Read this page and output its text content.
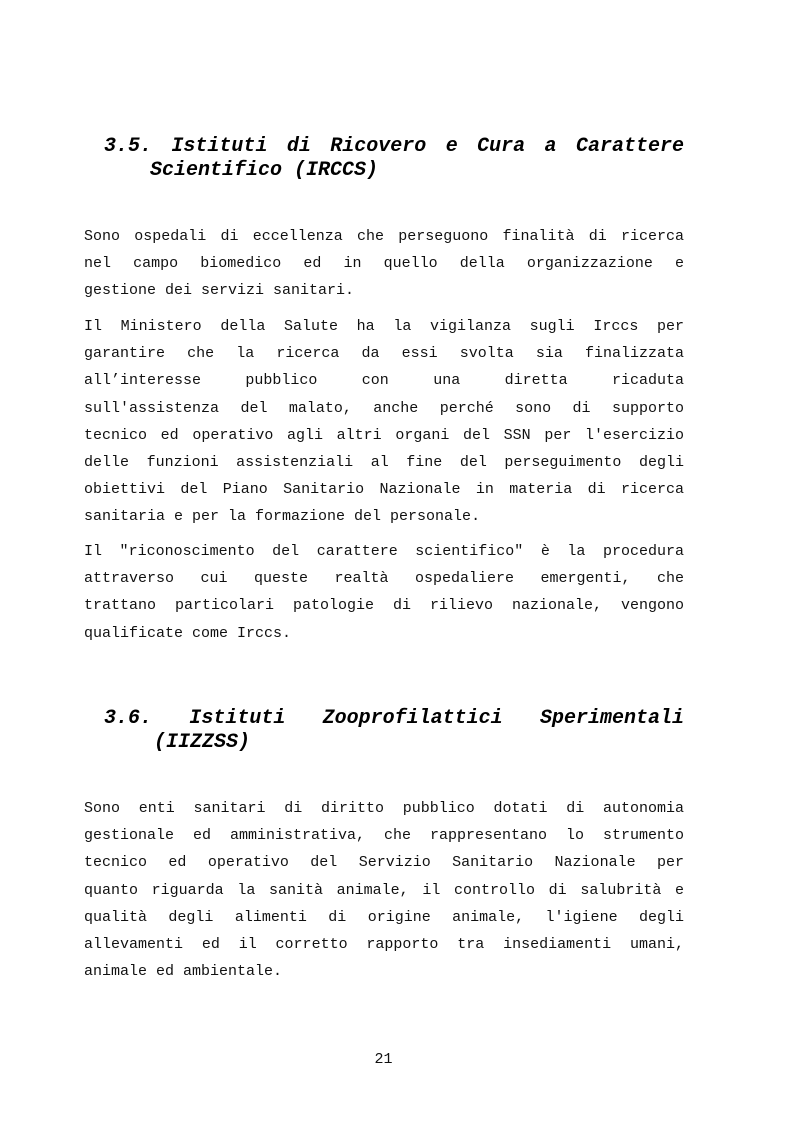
3.5. Istituti di Ricovero e Cura a Carattere
Scientifico (IRCCS)

Sono ospedali di eccellenza che perseguono finalità di ricerca
nel campo biomedico ed in quello della organizzazione e
gestione dei servizi sanitari.

Il Ministero della Salute ha la vigilanza sugli Irccs per
garantire che la ricerca da essi svolta sia finalizzata
all’interesse pubblico con una diretta ricaduta
sull'assistenza del malato, anche perché sono di supporto
tecnico ed operativo agli altri organi del SSN per l'esercizio
delle funzioni assistenziali al fine del perseguimento degli
obiettivi del Piano Sanitario Nazionale in materia di ricerca
sanitaria e per la formazione del personale.

Il "riconoscimento del carattere scientifico" è la procedura
attraverso cui queste realtà ospedaliere emergenti, che
trattano particolari patologie di rilievo nazionale, vengono
qualificate come Irccs.

3.6. Istituti Zooprofilattici Sperimentali
(IIZZSS)

Sono enti sanitari di diritto pubblico dotati di autonomia
gestionale ed amministrativa, che rappresentano lo strumento
tecnico ed operativo del Servizio Sanitario Nazionale per
quanto riguarda la sanità animale, il controllo di salubrità e
qualità degli alimenti di origine animale, l'igiene degli
allevamenti ed il corretto rapporto tra insediamenti umani,
animale ed ambientale.

21
